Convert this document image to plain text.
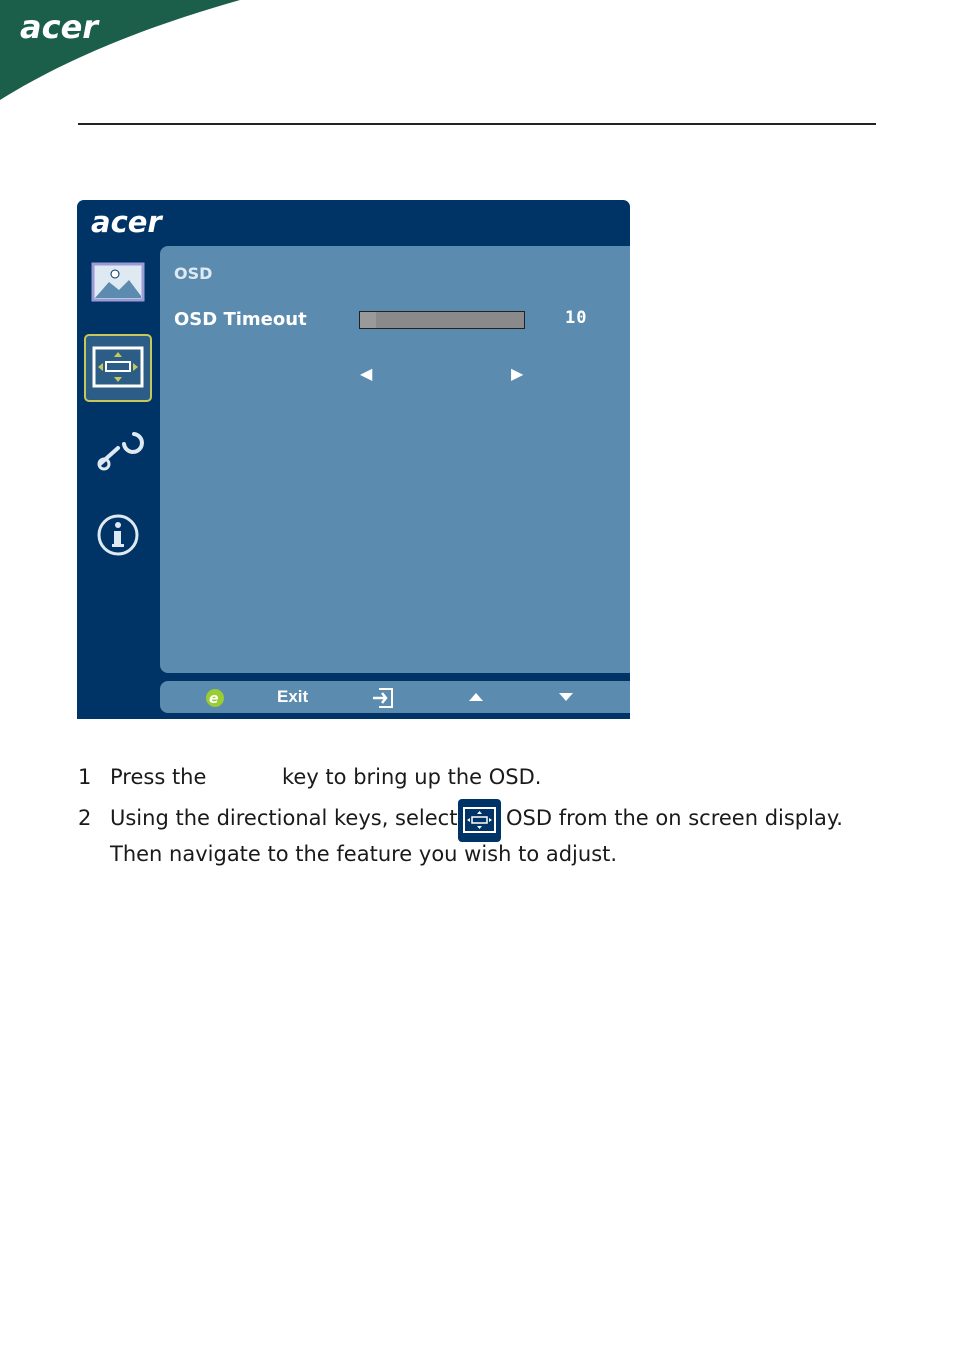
acer
acer
OSD
OSD Timeout	10
◀	▶
e	Exit
1 Press the	key to bring up the OSD.
2 Using the directional keys, select OSD from the on screen display.
Then navigate to the feature you wish to adjust.
